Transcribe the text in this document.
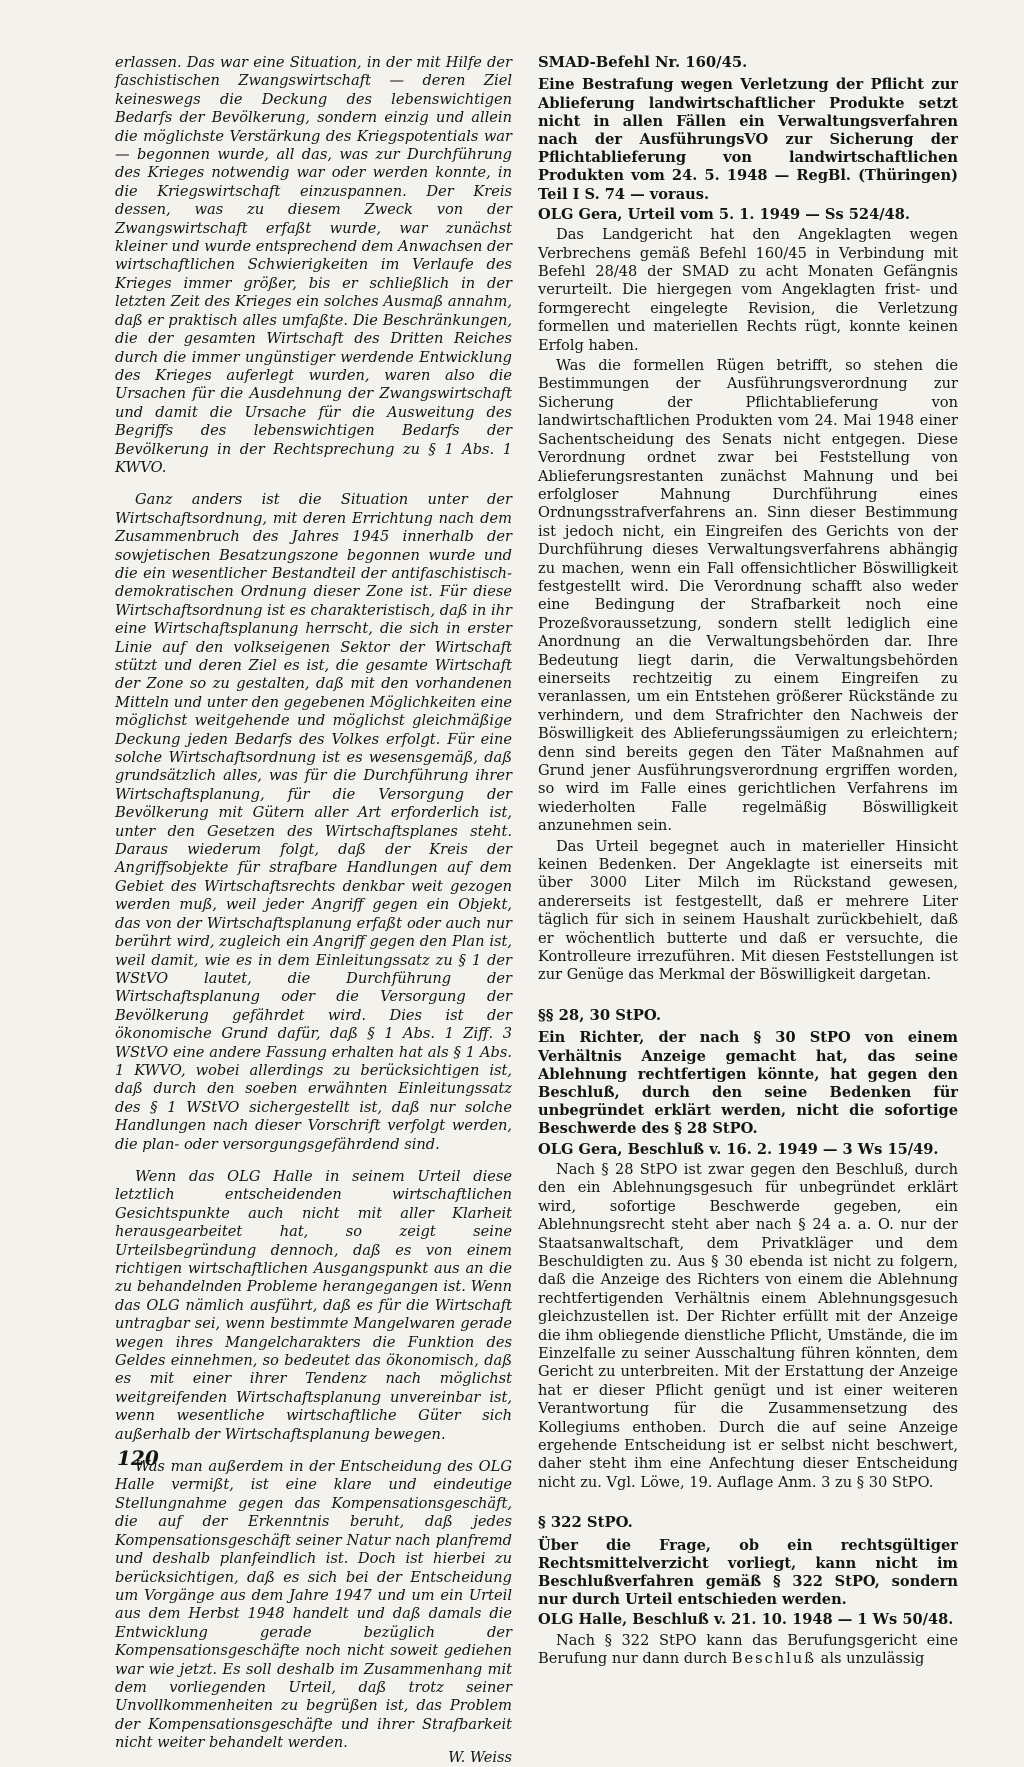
erlassen. Das war eine Situation, in der mit Hilfe der faschistischen Zwangswirtschaft — deren Ziel keineswegs die Deckung des lebenswichtigen Bedarfs der Bevölkerung, sondern einzig und allein die möglichste Verstärkung des Kriegspotentials war — begonnen wurde, all das, was zur Durchführung des Krieges notwendig war oder werden konnte, in die Kriegswirtschaft einzuspannen. Der Kreis dessen, was zu diesem Zweck von der Zwangswirtschaft erfaßt wurde, war zunächst kleiner und wurde entsprechend dem Anwachsen der wirtschaftlichen Schwierigkeiten im Verlaufe des Krieges immer größer, bis er schließlich in der letzten Zeit des Krieges ein solches Ausmaß annahm, daß er praktisch alles umfaßte. Die Beschränkungen, die der gesamten Wirtschaft des Dritten Reiches durch die immer ungünstiger werdende Entwicklung des Krieges auferlegt wurden, waren also die Ursachen für die Ausdehnung der Zwangswirtschaft und damit die Ursache für die Ausweitung des Begriffs des lebenswichtigen Bedarfs der Bevölkerung in der Rechtsprechung zu § 1 Abs. 1 KWVO.

Ganz anders ist die Situation unter der Wirtschaftsordnung, mit deren Errichtung nach dem Zusammenbruch des Jahres 1945 innerhalb der sowjetischen Besatzungszone begonnen wurde und die ein wesentlicher Bestandteil der antifaschistisch-demokratischen Ordnung dieser Zone ist. Für diese Wirtschaftsordnung ist es charakteristisch, daß in ihr eine Wirtschaftsplanung herrscht, die sich in erster Linie auf den volkseigenen Sektor der Wirtschaft stützt und deren Ziel es ist, die gesamte Wirtschaft der Zone so zu gestalten, daß mit den vorhandenen Mitteln und unter den gegebenen Möglichkeiten eine möglichst weitgehende und möglichst gleichmäßige Deckung jeden Bedarfs des Volkes erfolgt. Für eine solche Wirtschaftsordnung ist es wesensgemäß, daß grundsätzlich alles, was für die Durchführung ihrer Wirtschaftsplanung, für die Versorgung der Bevölkerung mit Gütern aller Art erforderlich ist, unter den Gesetzen des Wirtschaftsplanes steht. Daraus wiederum folgt, daß der Kreis der Angriffsobjekte für strafbare Handlungen auf dem Gebiet des Wirtschaftsrechts denkbar weit gezogen werden muß, weil jeder Angriff gegen ein Objekt, das von der Wirtschaftsplanung erfaßt oder auch nur berührt wird, zugleich ein Angriff gegen den Plan ist, weil damit, wie es in dem Einleitungssatz zu § 1 der WStVO lautet, die Durchführung der Wirtschaftsplanung oder die Versorgung der Bevölkerung gefährdet wird. Dies ist der ökonomische Grund dafür, daß § 1 Abs. 1 Ziff. 3 WStVO eine andere Fassung erhalten hat als § 1 Abs. 1 KWVO, wobei allerdings zu berücksichtigen ist, daß durch den soeben erwähnten Einleitungssatz des § 1 WStVO sichergestellt ist, daß nur solche Handlungen nach dieser Vorschrift verfolgt werden, die plan- oder versorgungsgefährdend sind.

Wenn das OLG Halle in seinem Urteil diese letztlich entscheidenden wirtschaftlichen Gesichtspunkte auch nicht mit aller Klarheit herausgearbeitet hat, so zeigt seine Urteilsbegründung dennoch, daß es von einem richtigen wirtschaftlichen Ausgangspunkt aus an die zu behandelnden Probleme herangegangen ist. Wenn das OLG nämlich ausführt, daß es für die Wirtschaft untragbar sei, wenn bestimmte Mangelwaren gerade wegen ihres Mangelcharakters die Funktion des Geldes einnehmen, so bedeutet das ökonomisch, daß es mit einer ihrer Tendenz nach möglichst weitgreifenden Wirtschaftsplanung unvereinbar ist, wenn wesentliche wirtschaftliche Güter sich außerhalb der Wirtschaftsplanung bewegen.

Was man außerdem in der Entscheidung des OLG Halle vermißt, ist eine klare und eindeutige Stellungnahme gegen das Kompensationsgeschäft, die auf der Erkenntnis beruht, daß jedes Kompensationsgeschäft seiner Natur nach planfremd und deshalb planfeindlich ist. Doch ist hierbei zu berücksichtigen, daß es sich bei der Entscheidung um Vorgänge aus dem Jahre 1947 und um ein Urteil aus dem Herbst 1948 handelt und daß damals die Entwicklung gerade bezüglich der Kompensationsgeschäfte noch nicht soweit gediehen war wie jetzt. Es soll deshalb im Zusammenhang mit dem vorliegenden Urteil, daß trotz seiner Unvollkommenheiten zu begrüßen ist, das Problem der Kompensationsgeschäfte und ihrer Strafbarkeit nicht weiter behandelt werden.

W. Weiss
SMAD-Befehl Nr. 160/45.

Eine Bestrafung wegen Verletzung der Pflicht zur Ablieferung landwirtschaftlicher Produkte setzt nicht in allen Fällen ein Verwaltungsverfahren nach der AusführungsVO zur Sicherung der Pflichtablieferung von landwirtschaftlichen Produkten vom 24. 5. 1948 — RegBl. (Thüringen) Teil I S. 74 — voraus.

OLG Gera, Urteil vom 5. 1. 1949 — Ss 524/48.

Das Landgericht hat den Angeklagten wegen Verbrechens gemäß Befehl 160/45 in Verbindung mit Befehl 28/48 der SMAD zu acht Monaten Gefängnis verurteilt. Die hiergegen vom Angeklagten frist- und formgerecht eingelegte Revision, die Verletzung formellen und materiellen Rechts rügt, konnte keinen Erfolg haben.

Was die formellen Rügen betrifft, so stehen die Bestimmungen der Ausführungsverordnung zur Sicherung der Pflichtablieferung von landwirtschaftlichen Produkten vom 24. Mai 1948 einer Sachentscheidung des Senats nicht entgegen. Diese Verordnung ordnet zwar bei Feststellung von Ablieferungsrestanten zunächst Mahnung und bei erfolgloser Mahnung Durchführung eines Ordnungsstrafverfahrens an. Sinn dieser Bestimmung ist jedoch nicht, ein Eingreifen des Gerichts von der Durchführung dieses Verwaltungsverfahrens abhängig zu machen, wenn ein Fall offensichtlicher Böswilligkeit festgestellt wird. Die Verordnung schafft also weder eine Bedingung der Strafbarkeit noch eine Prozeßvoraussetzung, sondern stellt lediglich eine Anordnung an die Verwaltungsbehörden dar. Ihre Bedeutung liegt darin, die Verwaltungsbehörden einerseits rechtzeitig zu einem Eingreifen zu veranlassen, um ein Entstehen größerer Rückstände zu verhindern, und dem Strafrichter den Nachweis der Böswilligkeit des Ablieferungssäumigen zu erleichtern; denn sind bereits gegen den Täter Maßnahmen auf Grund jener Ausführungsverordnung ergriffen worden, so wird im Falle eines gerichtlichen Verfahrens im wiederholten Falle regelmäßig Böswilligkeit anzunehmen sein.

Das Urteil begegnet auch in materieller Hinsicht keinen Bedenken. Der Angeklagte ist einerseits mit über 3000 Liter Milch im Rückstand gewesen, andererseits ist festgestellt, daß er mehrere Liter täglich für sich in seinem Haushalt zurückbehielt, daß er wöchentlich butterte und daß er versuchte, die Kontrolleure irrezuführen. Mit diesen Feststellungen ist zur Genüge das Merkmal der Böswilligkeit dargetan.

§§ 28, 30 StPO.

Ein Richter, der nach § 30 StPO von einem Verhältnis Anzeige gemacht hat, das seine Ablehnung rechtfertigen könnte, hat gegen den Beschluß, durch den seine Bedenken für unbegründet erklärt werden, nicht die sofortige Beschwerde des § 28 StPO.

OLG Gera, Beschluß v. 16. 2. 1949 — 3 Ws 15/49.

Nach § 28 StPO ist zwar gegen den Beschluß, durch den ein Ablehnungsgesuch für unbegründet erklärt wird, sofortige Beschwerde gegeben, ein Ablehnungsrecht steht aber nach § 24 a. a. O. nur der Staatsanwaltschaft, dem Privatkläger und dem Beschuldigten zu. Aus § 30 ebenda ist nicht zu folgern, daß die Anzeige des Richters von einem die Ablehnung rechtfertigenden Verhältnis einem Ablehnungsgesuch gleichzustellen ist. Der Richter erfüllt mit der Anzeige die ihm obliegende dienstliche Pflicht, Umstände, die im Einzelfalle zu seiner Ausschaltung führen könnten, dem Gericht zu unterbreiten. Mit der Erstattung der Anzeige hat er dieser Pflicht genügt und ist einer weiteren Verantwortung für die Zusammensetzung des Kollegiums enthoben. Durch die auf seine Anzeige ergehende Entscheidung ist er selbst nicht beschwert, daher steht ihm eine Anfechtung dieser Entscheidung nicht zu. Vgl. Löwe, 19. Auflage Anm. 3 zu § 30 StPO.

§ 322 StPO.

Über die Frage, ob ein rechtsgültiger Rechtsmittelverzicht vorliegt, kann nicht im Beschlußverfahren gemäß § 322 StPO, sondern nur durch Urteil entschieden werden.

OLG Halle, Beschluß v. 21. 10. 1948 — 1 Ws 50/48.

Nach § 322 StPO kann das Berufungsgericht eine Berufung nur dann durch Beschluß als unzulässig

120
